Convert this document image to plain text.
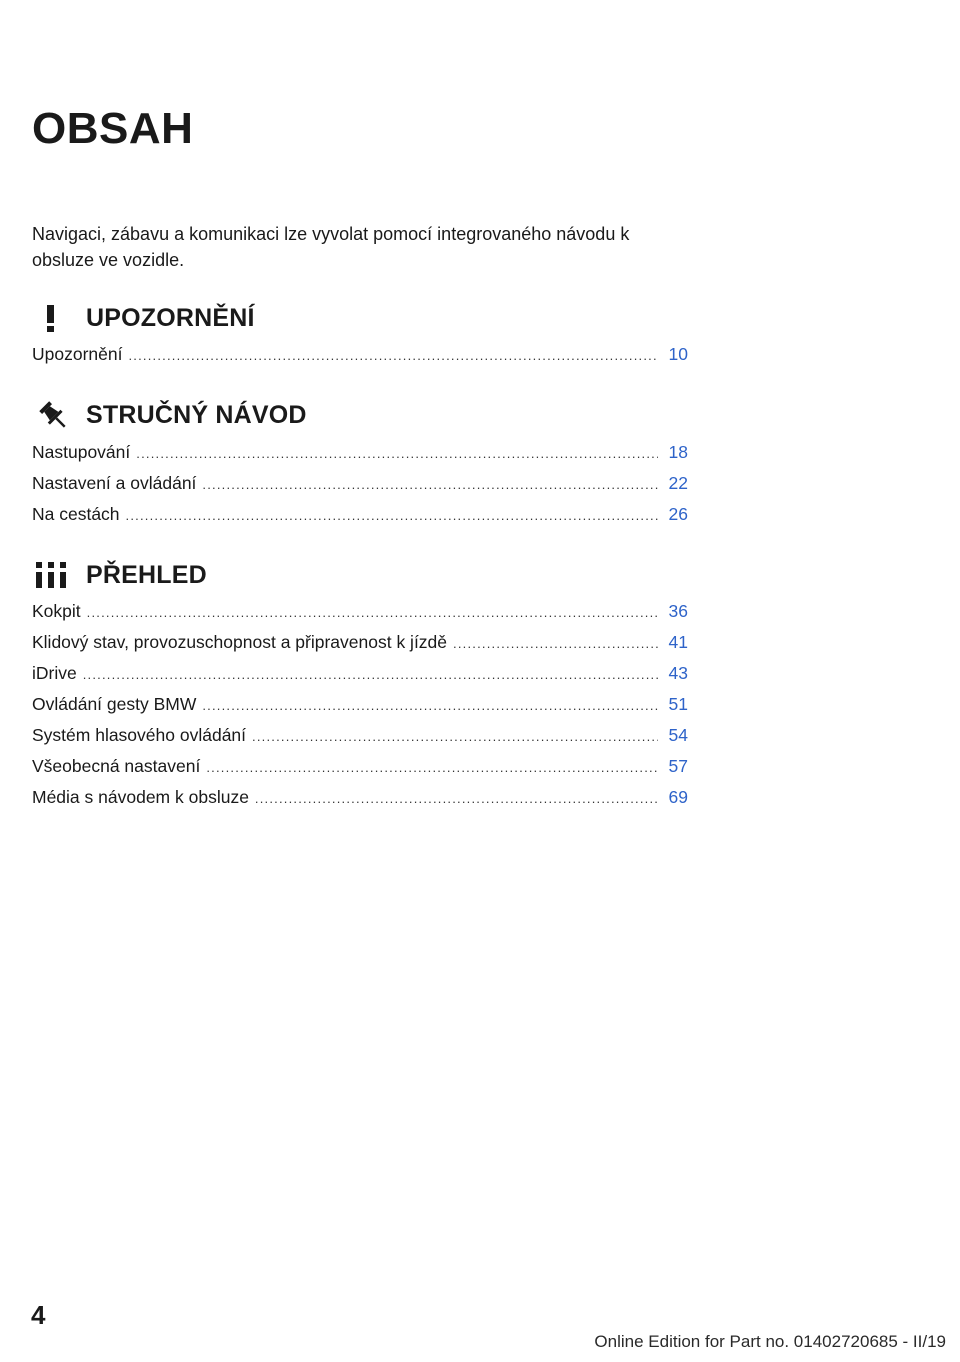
OBSAH

Navigaci, zábavu a komunikaci lze vyvolat pomocí integrovaného návodu k obsluze ve vozidle.

UPOZORNĚNÍ
Upozornění .....	10
STRUČNÝ NÁVOD
Nastupování .....	18
Nastavení a ovládání .....	22
Na cestách .....	26
PŘEHLED
Kokpit .....	36
Klidový stav, provozuschopnost a připravenost k jízdě .....	41
iDrive .....	43
Ovládání gesty BMW .....	51
Systém hlasového ovládání .....	54
Všeobecná nastavení .....	57
Média s návodem k obsluze .....	69
4
Online Edition for Part no. 01402720685 - II/19
